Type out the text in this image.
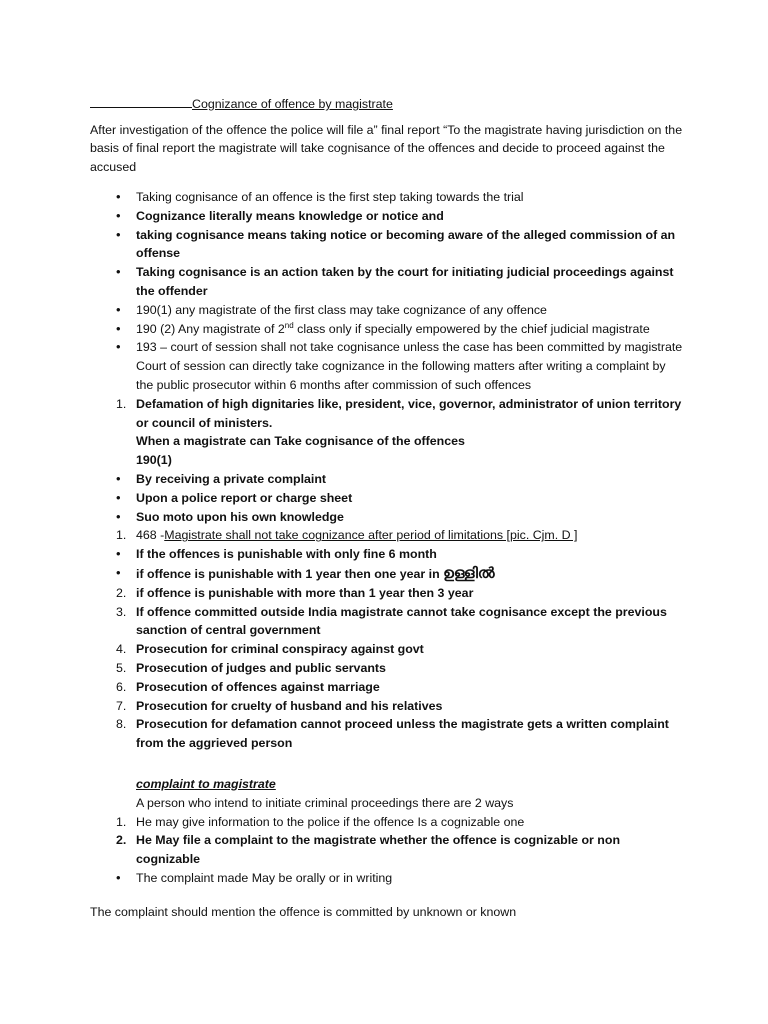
Cognizance of offence by magistrate

After investigation of the offence the police will file a” final report “To the magistrate having jurisdiction on the basis of final report the magistrate will take cognisance of the offences and decide to proceed against the accused

•	Taking cognisance of an offence is the first step taking towards the trial
•	Cognizance literally means knowledge or notice and
•	taking cognisance means taking notice or becoming aware of the alleged commission of an offense
•	Taking cognisance is an action taken by the court for initiating judicial proceedings against the offender
•	190(1) any magistrate of the first class may take cognizance of any offence
•	190 (2) Any magistrate of 2nd class only if specially empowered by the chief judicial magistrate
•	193 – court of session shall not take cognisance unless the case has been committed by magistrate
Court of session can directly take cognizance in the following matters after writing a complaint by the public prosecutor within 6 months after commission of such offences
1. Defamation of high dignitaries like, president, vice, governor, administrator of union territory or council of ministers.
When a magistrate can Take cognisance of the offences
190(1)
•	By receiving a private complaint
•	Upon a police report or charge sheet
•	Suo moto upon his own knowledge
1. 468 -Magistrate shall not take cognizance after period of limitations [pic. Cjm. D ]
•	If the offences is punishable with only fine 6 month
•	if offence is punishable with 1 year then one year in ഉള്ളിൽ
2. if offence is punishable with more than 1 year then 3 year
3. If offence committed outside India magistrate cannot take cognisance except the previous sanction of central government
4. Prosecution for criminal conspiracy against govt
5. Prosecution of judges and public servants
6. Prosecution of offences against marriage
7. Prosecution for cruelty of husband and his relatives
8. Prosecution for defamation cannot proceed unless the magistrate gets a written complaint from the aggrieved person
complaint to magistrate
A person who intend to initiate criminal proceedings there are 2 ways
1. He may give information to the police if the offence Is a cognizable one
2. He May file a complaint to the magistrate whether the offence is cognizable or non cognizable
•	The complaint made May be orally or in writing

The complaint should mention the offence is committed by unknown or known
